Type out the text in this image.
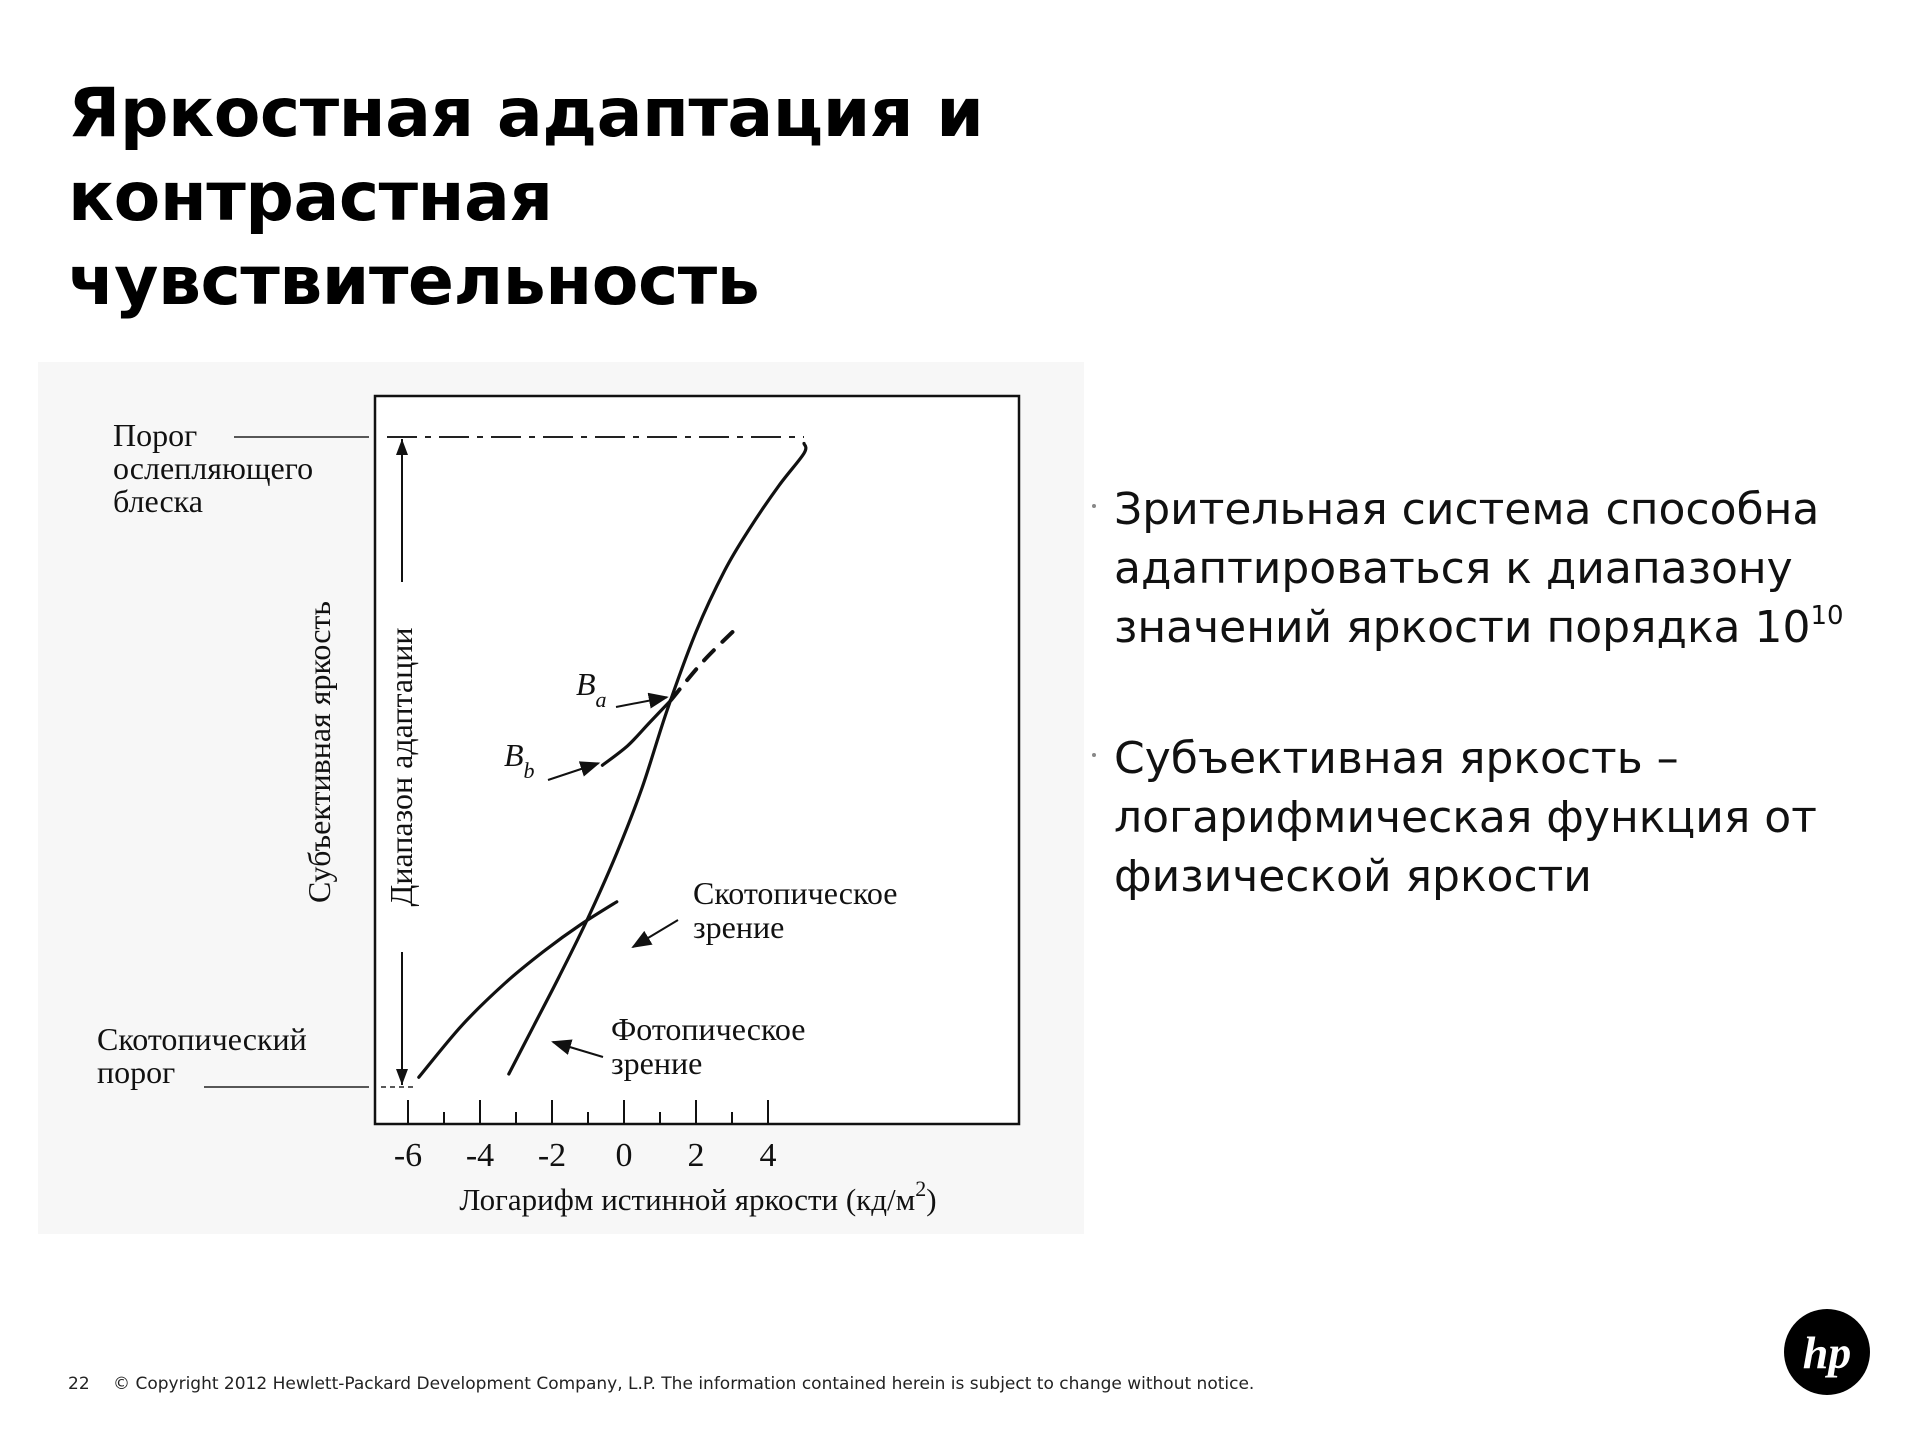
Яркостная адаптация и контрастная
чувствительность
-6 -4 -2 0 2 4
Логарифм истинной яркости $(кд/м^2)$
Субъективная яркость Диапазон адаптации
Порог ослепляющего блеска
Скотопический порог
Скотопическое зрение
Фотопическое зрение
$B_a$
$B_b$
Зрительная система способна адаптироваться к диапазону значений яркости порядка $10^{10}$
Субъективная яркость – логарифмическая функция от физической яркости
22 © Copyright 2012 Hewlett-Packard Development Company, L.P. The information contained herein is subject to change without notice.
hp
